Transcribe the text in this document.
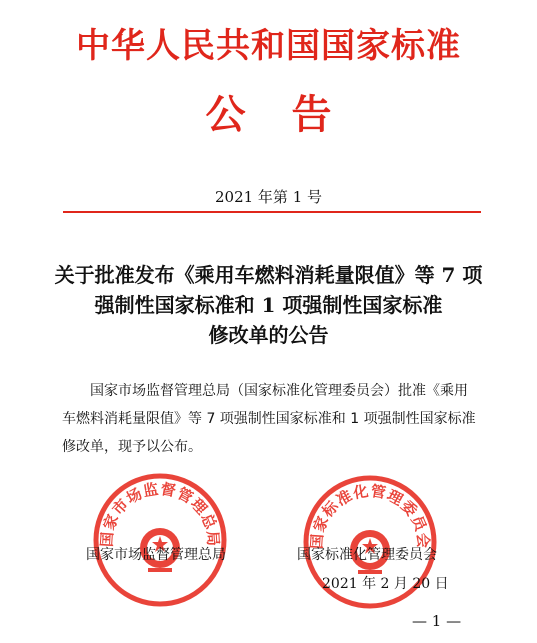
中华人民共和国国家标准
公告
2021 年第 1 号
关于批准发布《乘用车燃料消耗量限值》等 7 项
强制性国家标准和 1 项强制性国家标准
修改单的公告
国家市场监督管理总局（国家标准化管理委员会）批准《乘用
车燃料消耗量限值》等 7 项强制性国家标准和 1 项强制性国家标准
修改单，现予以公布。
国家市场监督管理总局	国家标准化管理委员会
国家市场监督管理总局	国家标准化管理委员会
2021 年 2 月 20 日
— 1 —
